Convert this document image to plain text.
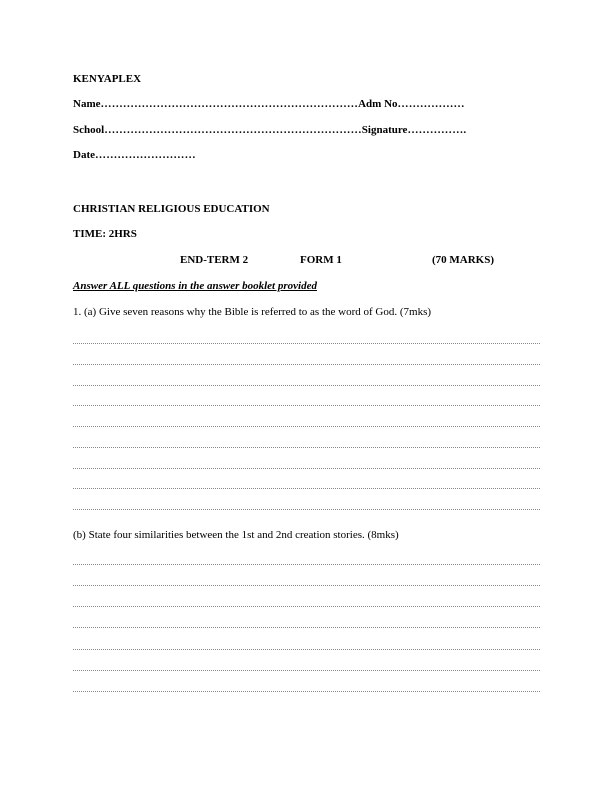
KENYAPLEX
Name……………………………………………………………Adm No………………
School……………………………………………………………Signature…………….
Date………………………
CHRISTIAN RELIGIOUS EDUCATION
TIME: 2HRS
END-TERM 2	FORM 1	(70 MARKS)
Answer ALL questions in the answer booklet provided
1. (a) Give seven reasons why the Bible is referred to as the word of God. (7mks)
(b) State four similarities between the 1st and 2nd creation stories. (8mks)
